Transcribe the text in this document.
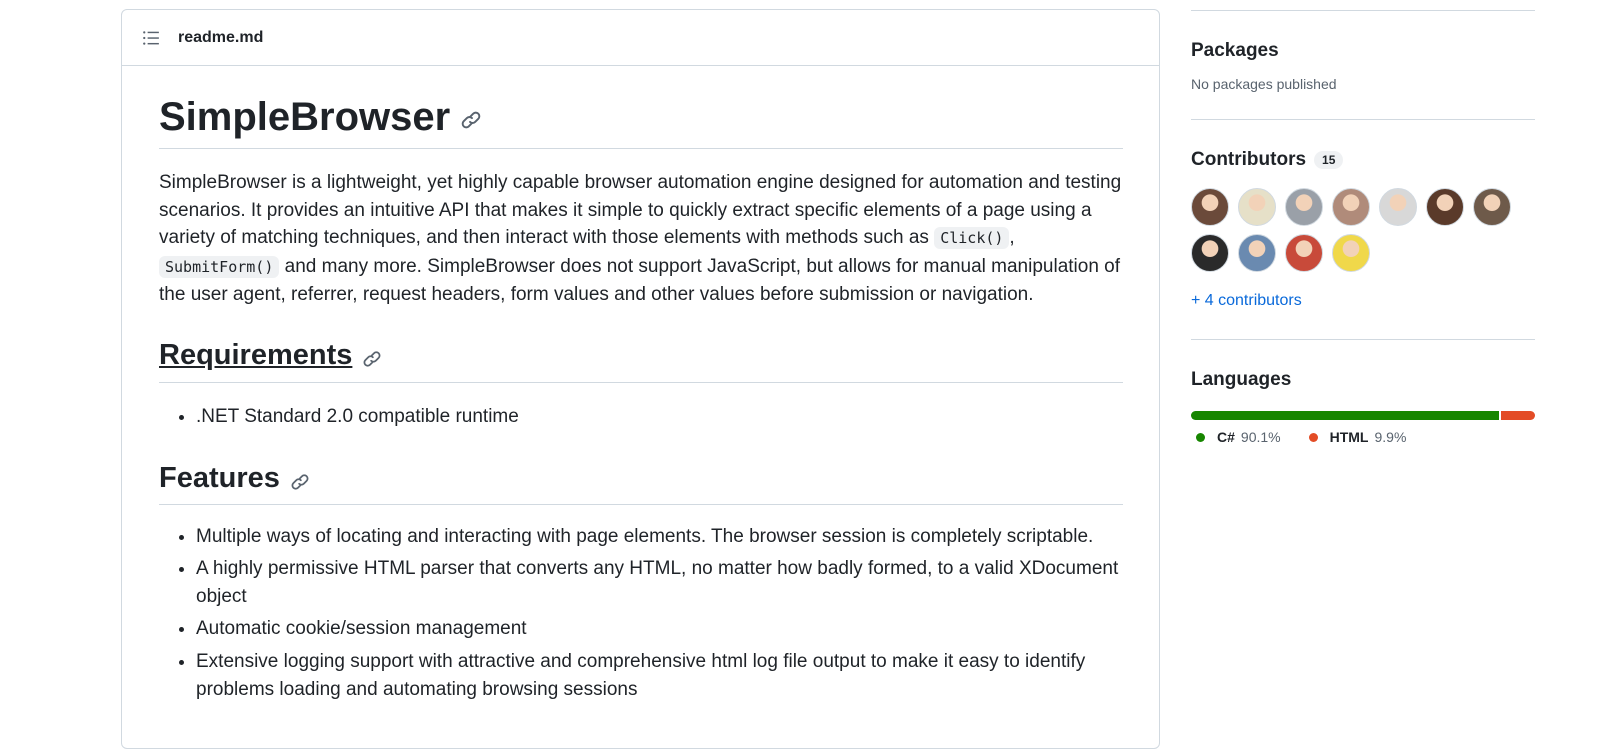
readme.md
SimpleBrowser

SimpleBrowser is a lightweight, yet highly capable browser automation engine designed for automation and testing scenarios. It provides an intuitive API that makes it simple to quickly extract specific elements of a page using a variety of matching techniques, and then interact with those elements with methods such as Click() , SubmitForm() and many more. SimpleBrowser does not support JavaScript, but allows for manual manipulation of the user agent, referrer, request headers, form values and other values before submission or navigation.

Requirements
• .NET Standard 2.0 compatible runtime
Features
• Multiple ways of locating and interacting with page elements. The browser session is completely scriptable.
• A highly permissive HTML parser that converts any HTML, no matter how badly formed, to a valid XDocument object
• Automatic cookie/session management
• Extensive logging support with attractive and comprehensive html log file output to make it easy to identify problems loading and automating browsing sessions
Packages
No packages published
Contributors	15
+ 4 contributors
Languages
C# 90.1%	HTML 9.9%
